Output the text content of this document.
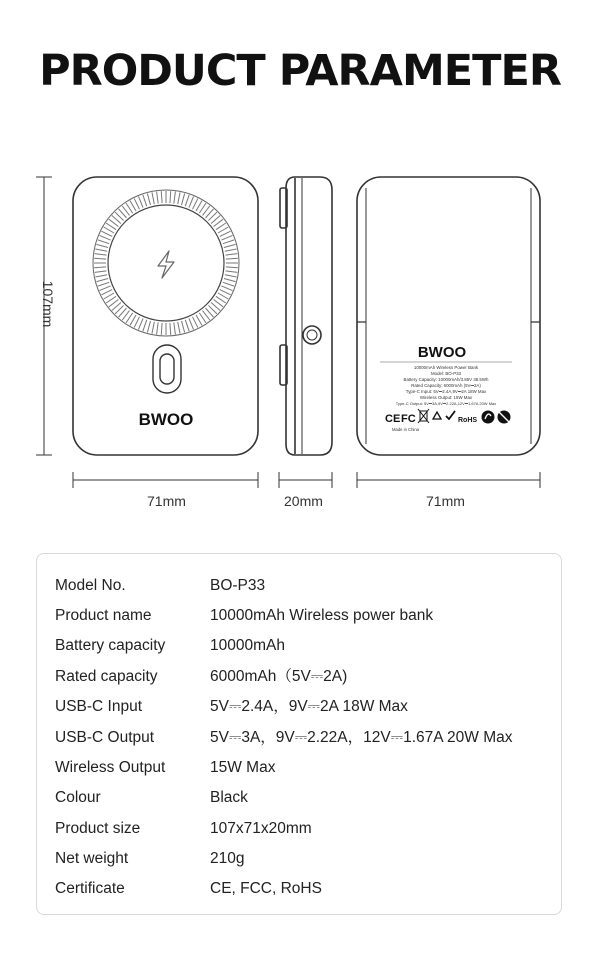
PRODUCT PARAMETER
BWOO
BWOO
10000mAh Wireless Power Bank
Model: BO-P33
Battery Capacity: 10000mAh/3.85V 38.5Wh
Rated Capacity: 6000mAh (5V⎓2A)
Type-C Input: 5V⎓2.4A,9V⎓2A 18W Max
Wireless Output: 15W Max
Type-C Output: 5V⎓3A,9V⎓2.22A,12V⎓1.67A 20W Max
CE FC	RoHS
Made in China
107mm
71mm	20mm	71mm
Model No.	BO-P33
Product name	10000mAh Wireless power bank
Battery capacity	10000mAh
Rated capacity	6000mAh（5V⎓2A)
USB-C Input	5V⎓2.4A，9V⎓2A 18W Max
USB-C Output	5V⎓3A，9V⎓2.22A，12V⎓1.67A 20W Max
Wireless Output	15W Max
Colour	Black
Product size	107x71x20mm
Net weight	210g
Certificate	CE, FCC, RoHS
